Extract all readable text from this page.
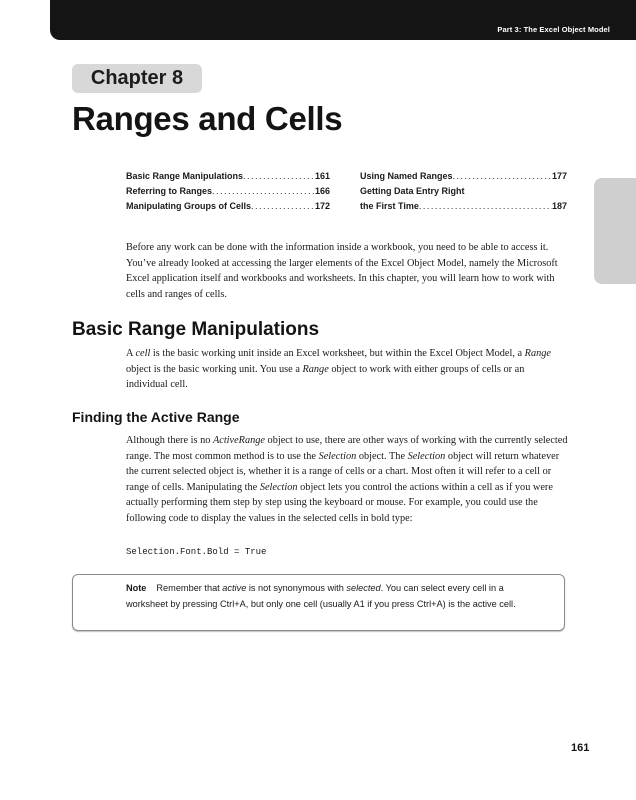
Part 3: The Excel Object Model
Chapter 8
Ranges and Cells
Basic Range Manipulations .....	161
Referring to Ranges .....	166
Manipulating Groups of Cells .....	172
Using Named Ranges .....	177
Getting Data Entry Right
the First Time .....	187

Before any work can be done with the information inside a workbook, you need to be able to access it. You’ve already looked at accessing the larger elements of the Excel Object Model, namely the Microsoft Excel application itself and workbooks and worksheets. In this chapter, you will learn how to work with cells and ranges of cells.

Basic Range Manipulations

A cell is the basic working unit inside an Excel worksheet, but within the Excel Object Model, a Range object is the basic working unit. You use a Range object to work with either groups of cells or an individual cell.

Finding the Active Range

Although there is no ActiveRange object to use, there are other ways of working with the currently selected range. The most common method is to use the Selection object. The Selection object will return whatever the current selected object is, whether it is a range of cells or a chart. Most often it will refer to a cell or range of cells. Manipulating the Selection object lets you control the actions within a cell as if you were actually performing them step by step using the keyboard or mouse. For example, you could use the following code to display the values in the selected cells in bold type:

Selection.Font.Bold = True

Note Remember that active is not synonymous with selected. You can select every cell in a worksheet by pressing Ctrl+A, but only one cell (usually A1 if you press Ctrl+A) is the active cell.

161
